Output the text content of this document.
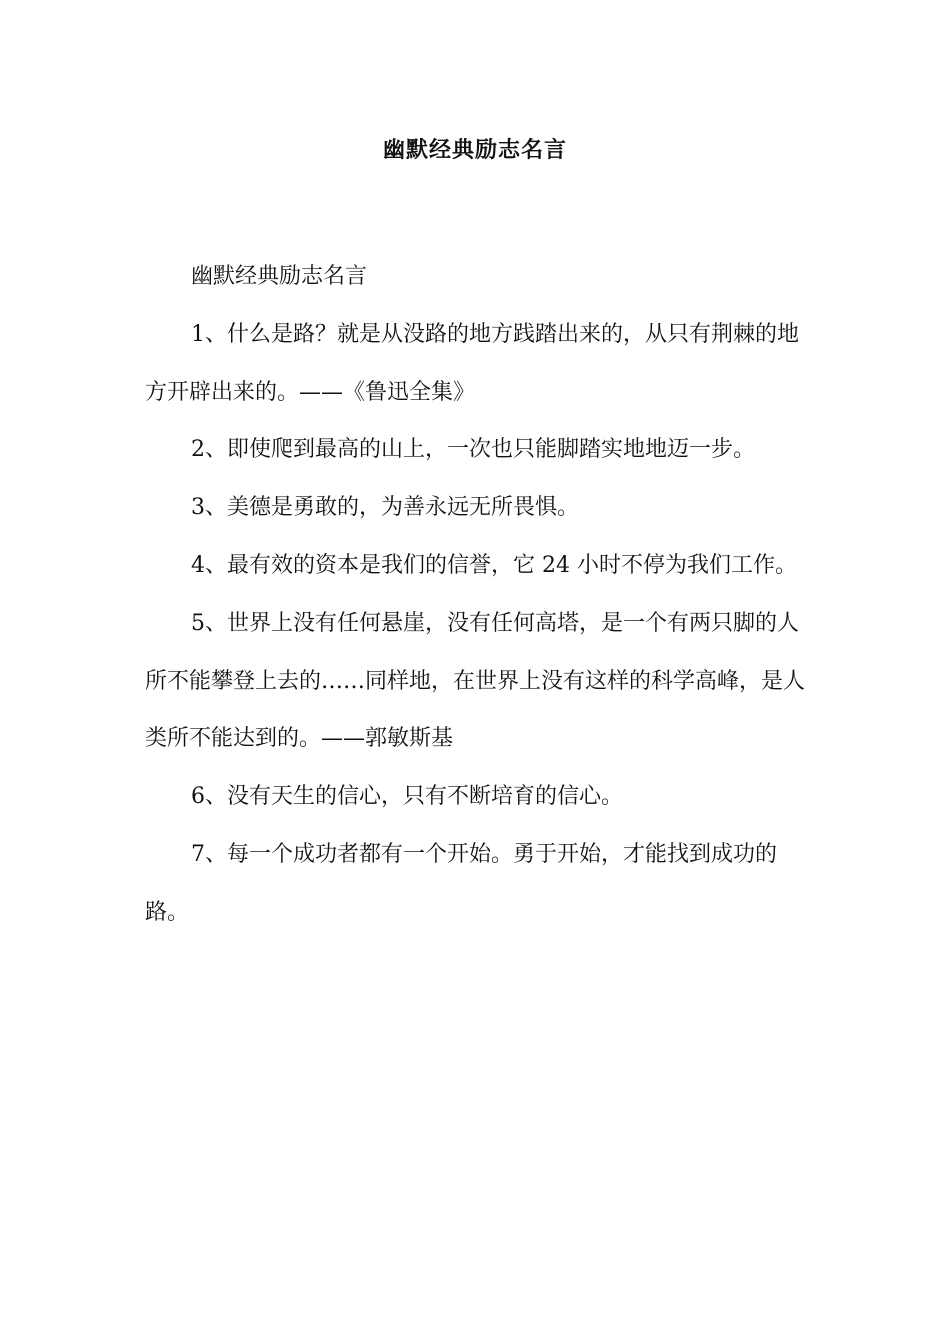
幽默经典励志名言

幽默经典励志名言

1、什么是路？就是从没路的地方践踏出来的，从只有荆棘的地方开辟出来的。——《鲁迅全集》

2、即使爬到最高的山上，一次也只能脚踏实地地迈一步。

3、美德是勇敢的，为善永远无所畏惧。

4、最有效的资本是我们的信誉，它 24 小时不停为我们工作。

5、世界上没有任何悬崖，没有任何高塔，是一个有两只脚的人所不能攀登上去的……同样地，在世界上没有这样的科学高峰，是人类所不能达到的。——郭敏斯基

6、没有天生的信心，只有不断培育的信心。

7、每一个成功者都有一个开始。勇于开始，才能找到成功的路。
